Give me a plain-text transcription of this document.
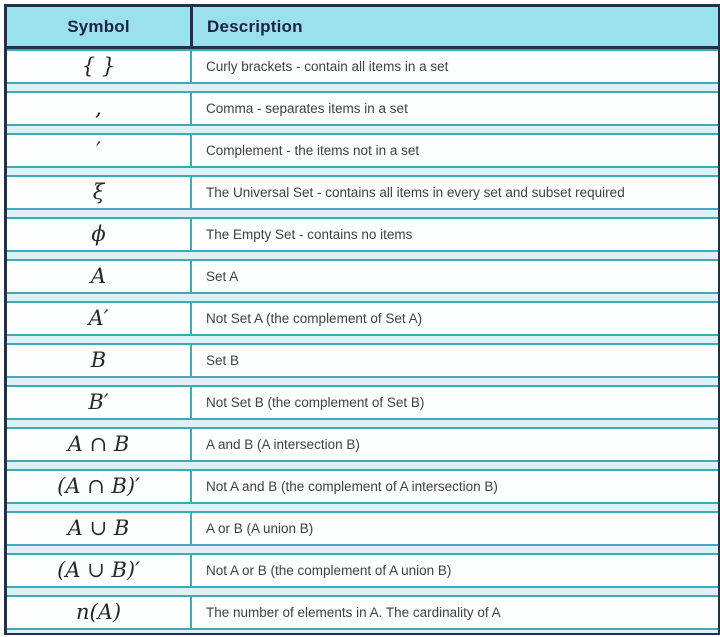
Symbol	Description
{ }	Curly brackets - contain all items in a set
,	Comma - separates items in a set
′	Complement - the items not in a set
ξ	The Universal Set - contains all items in every set and subset required
ϕ	The Empty Set - contains no items
A	Set A
A′	Not Set A (the complement of Set A)
B	Set B
B′	Not Set B (the complement of Set B)
A ∩ B	A and B (A intersection B)
(A ∩ B)′	Not A and B (the complement of A intersection B)
A ∪ B	A or B (A union B)
(A ∪ B)′	Not A or B (the complement of A union B)
n(A)	The number of elements in A. The cardinality of A
